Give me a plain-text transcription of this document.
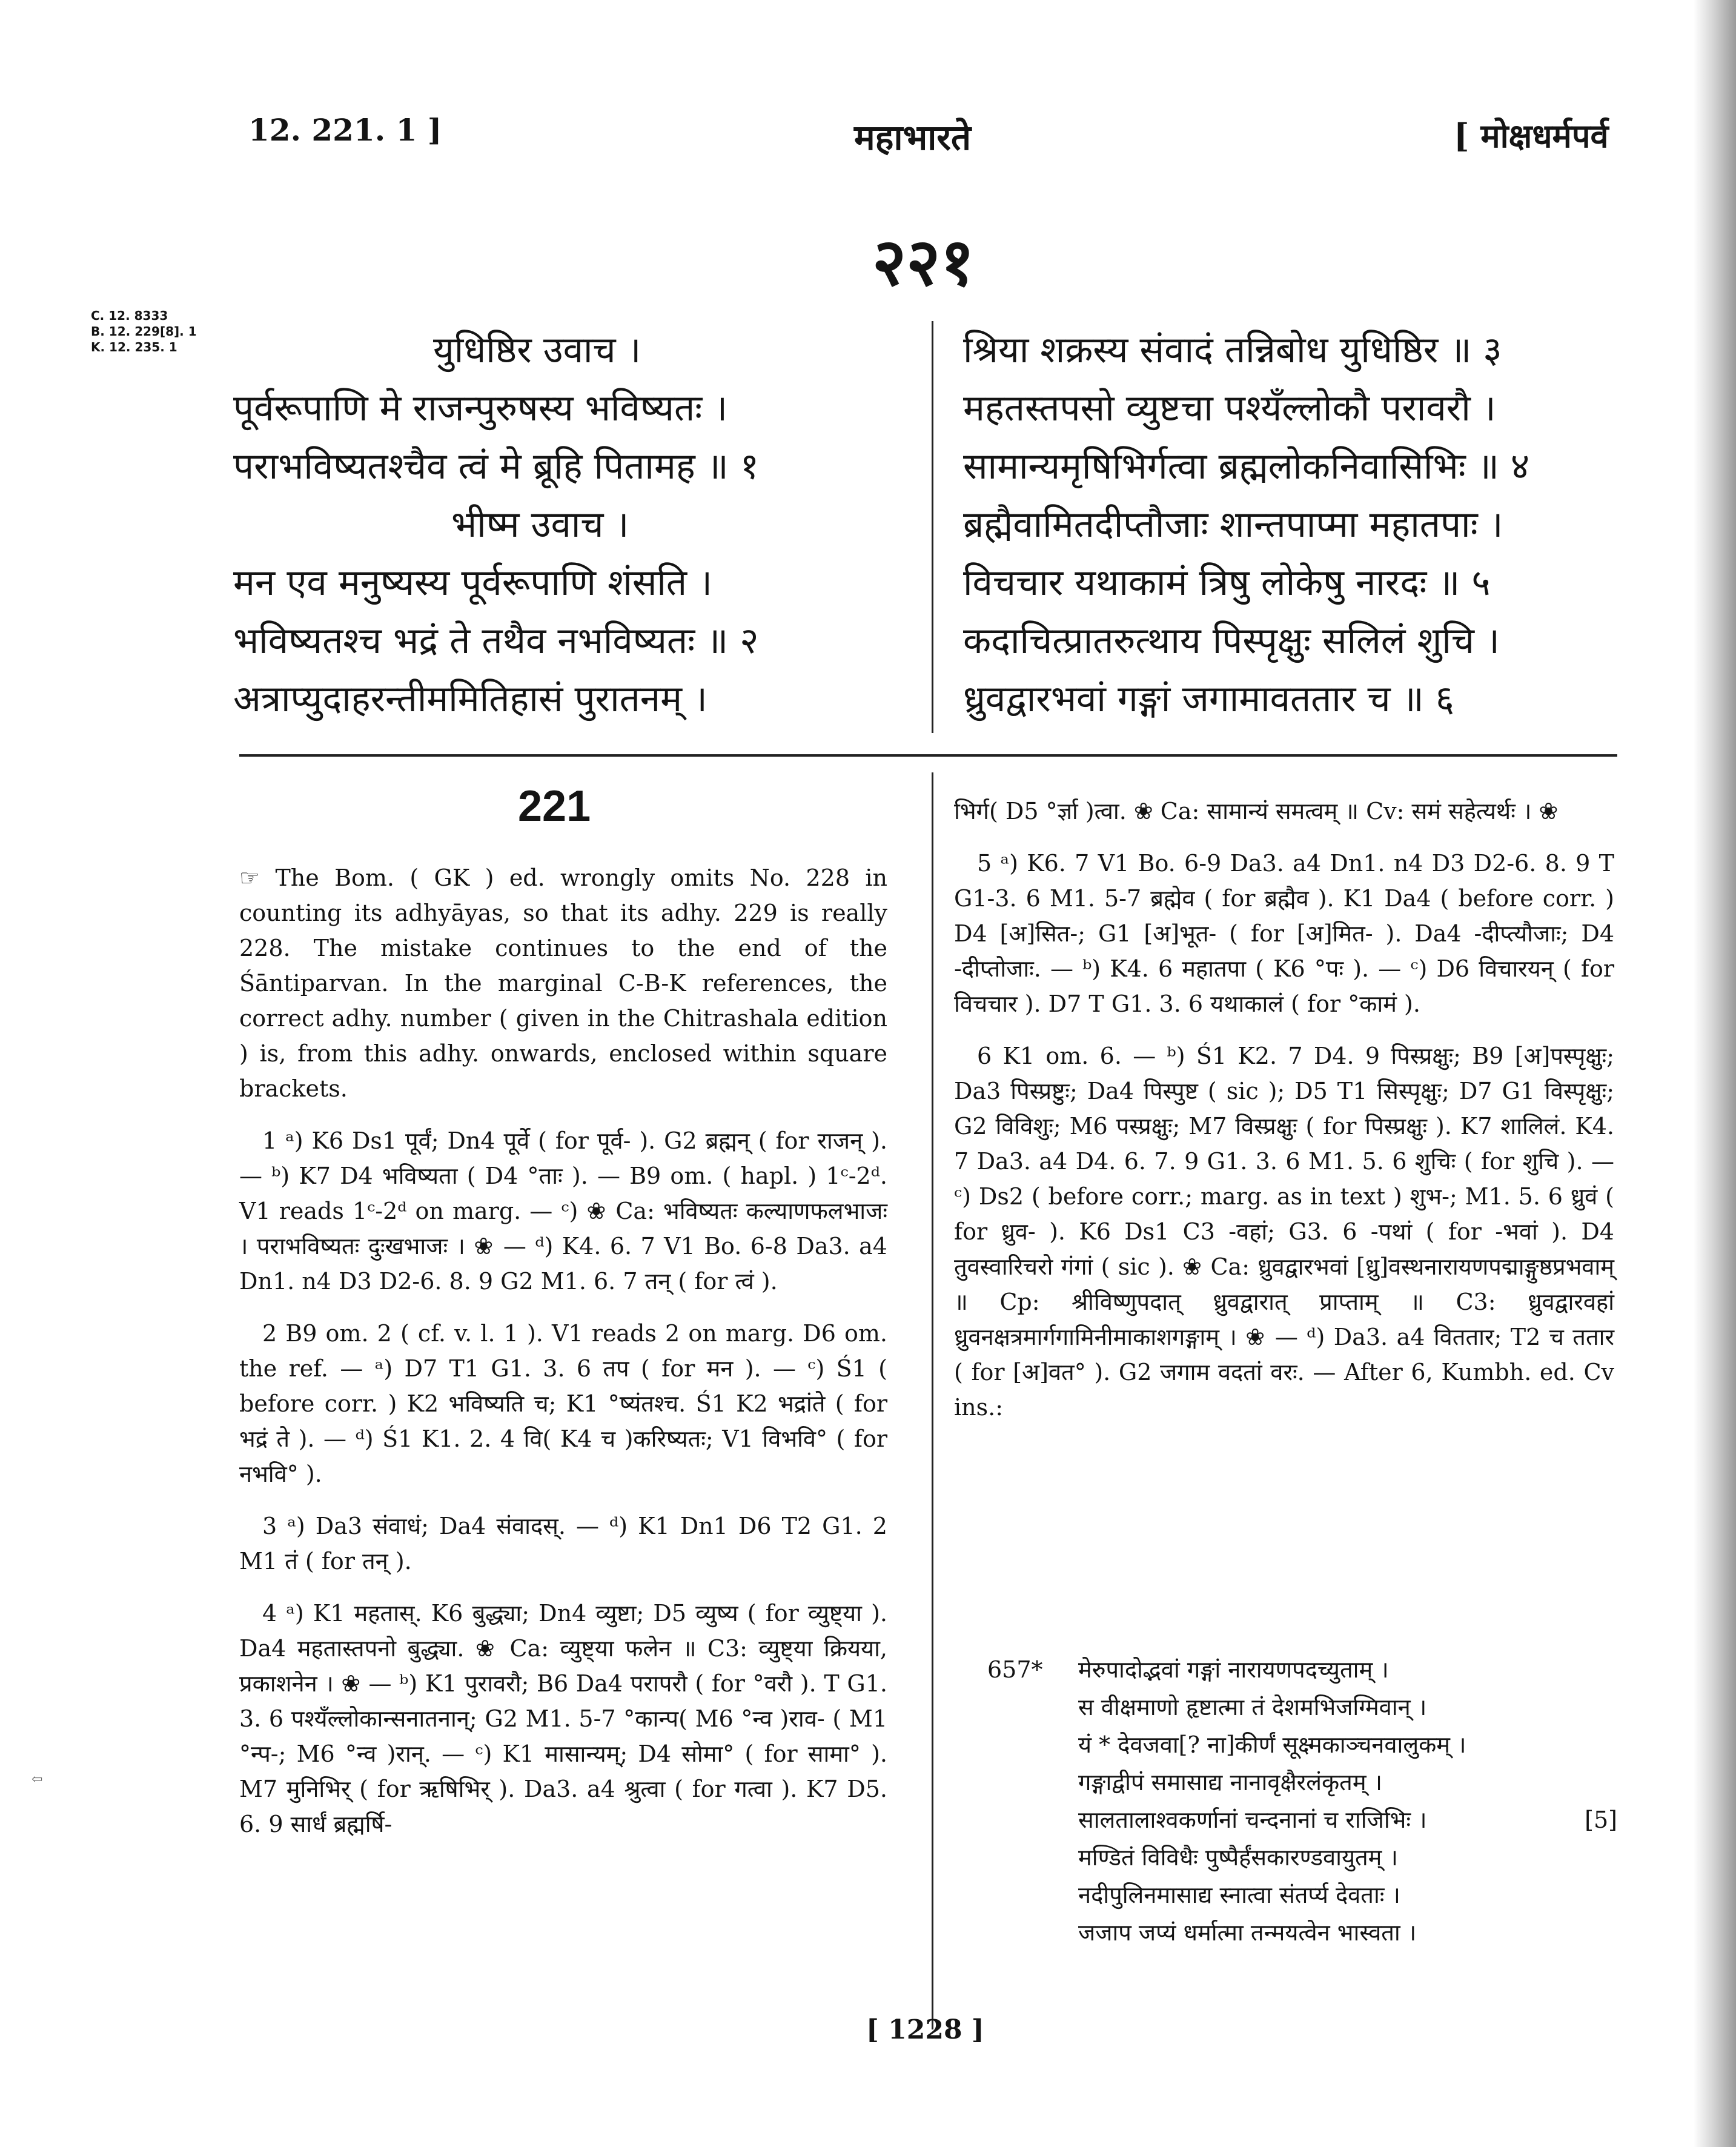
12. 221. 1 ]	महाभारते	[ मोक्षधर्मपर्व
२२१
C. 12. 8333
B. 12. 229[8]. 1
K. 12. 235. 1	युधिष्ठिर उवाच ।
पूर्वरूपाणि मे राजन्पुरुषस्य भविष्यतः ।
पराभविष्यतश्चैव त्वं मे ब्रूहि पितामह ॥ १
भीष्म उवाच ।
मन एव मनुष्यस्य पूर्वरूपाणि शंसति ।
भविष्यतश्च भद्रं ते तथैव नभविष्यतः ॥ २
अत्राप्युदाहरन्तीममितिहासं पुरातनम् ।
श्रिया शक्रस्य संवादं तन्निबोध युधिष्ठिर ॥ ३
महतस्तपसो व्युष्टचा पश्यँल्लोकौ परावरौ ।
सामान्यमृषिभिर्गत्वा ब्रह्मलोकनिवासिभिः ॥ ४
ब्रह्मैवामितदीप्तौजाः शान्तपाप्मा महातपाः ।
विचचार यथाकामं त्रिषु लोकेषु नारदः ॥ ५
कदाचित्प्रातरुत्थाय पिस्पृक्षुः सलिलं शुचि ।
ध्रुवद्वारभवां गङ्गां जगामावततार च ॥ ६
221

☞ The Bom. ( GK ) ed. wrongly omits No. 228 in counting its adhyāyas, so that its adhy. 229 is really 228. The mistake continues to the end of the Śāntiparvan. In the marginal C-B-K references, the correct adhy. number ( given in the Chitrashala edition ) is, from this adhy. onwards, enclosed within square brackets.

1 ᵃ) K6 Ds1 पूर्वं; Dn4 पूर्वे ( for पूर्व- ). G2 ब्रह्मन् ( for राजन् ). — ᵇ) K7 D4 भविष्यता ( D4 °ताः ). — B9 om. ( hapl. ) 1ᶜ-2ᵈ. V1 reads 1ᶜ-2ᵈ on marg. — ᶜ) ❀ Ca: भविष्यतः कल्याणफलभाजः । पराभविष्यतः दुःखभाजः । ❀ — ᵈ) K4. 6. 7 V1 Bo. 6-8 Da3. a4 Dn1. n4 D3 D2-6. 8. 9 G2 M1. 6. 7 तन् ( for त्वं ).

2 B9 om. 2 ( cf. v. l. 1 ). V1 reads 2 on marg. D6 om. the ref. — ᵃ) D7 T1 G1. 3. 6 तप ( for मन ). — ᶜ) Ś1 ( before corr. ) K2 भविष्यति च; K1 °ष्यंतश्च. Ś1 K2 भद्रांते ( for भद्रं ते ). — ᵈ) Ś1 K1. 2. 4 वि( K4 च )करिष्यतः; V1 विभवि° ( for नभवि° ).

3 ᵃ) Da3 संवाधं; Da4 संवादस्. — ᵈ) K1 Dn1 D6 T2 G1. 2 M1 तं ( for तन् ).

4 ᵃ) K1 महतास्. K6 बुद्ध्या; Dn4 व्युष्टा; D5 व्युष्य ( for व्युष्ट्या ). Da4 महतास्तपनो बुद्ध्या. ❀ Ca: व्युष्ट्या फलेन ॥ C3: व्युष्ट्या क्रियया, प्रकाशनेन । ❀ — ᵇ) K1 पुरावरौ; B6 Da4 परापरौ ( for °वरौ ). T G1. 3. 6 पश्यँल्लोकान्सनातनान्; G2 M1. 5-7 °कान्प( M6 °न्व )राव- ( M1 °न्प-; M6 °न्व )रान्. — ᶜ) K1 मासान्यम्; D4 सोमा° ( for सामा° ). M7 मुनिभिर् ( for ऋषिभिर् ). Da3. a4 श्रुत्वा ( for गत्वा ). K7 D5. 6. 9 सार्धं ब्रह्मर्षि-

भिर्ग( D5 °र्ज्ञा )त्वा. ❀ Ca: सामान्यं समत्वम् ॥ Cv: समं सहेत्यर्थः । ❀

5 ᵃ) K6. 7 V1 Bo. 6-9 Da3. a4 Dn1. n4 D3 D2-6. 8. 9 T G1-3. 6 M1. 5-7 ब्रह्मेव ( for ब्रह्मैव ). K1 Da4 ( before corr. ) D4 [अ]सित-; G1 [अ]भूत- ( for [अ]मित- ). Da4 -दीप्त्यौजाः; D4 -दीप्तोजाः. — ᵇ) K4. 6 महातपा ( K6 °पः ). — ᶜ) D6 विचारयन् ( for विचचार ). D7 T G1. 3. 6 यथाकालं ( for °कामं ).

6 K1 om. 6. — ᵇ) Ś1 K2. 7 D4. 9 पिस्प्रक्षुः; B9 [अ]पस्पृक्षुः; Da3 पिस्प्रष्टुः; Da4 पिस्पुष्ट ( sic ); D5 T1 सिस्पृक्षुः; D7 G1 विस्पृक्षुः; G2 विविशुः; M6 पस्प्रक्षुः; M7 विस्प्रक्षुः ( for पिस्प्रक्षुः ). K7 शालिलं. K4. 7 Da3. a4 D4. 6. 7. 9 G1. 3. 6 M1. 5. 6 शुचिः ( for शुचि ). — ᶜ) Ds2 ( before corr.; marg. as in text ) शुभ-; M1. 5. 6 ध्रुवं ( for ध्रुव- ). K6 Ds1 C3 -वहां; G3. 6 -पथां ( for -भवां ). D4 तुवस्वारिचरो गंगां ( sic ). ❀ Ca: ध्रुवद्वारभवां [ध्रु]वस्थनारायणपद्माङ्गुष्ठप्रभवाम् ॥ Cp: श्रीविष्णुपदात् ध्रुवद्वारात् प्राप्ताम् ॥ C3: ध्रुवद्वारवहां ध्रुवनक्षत्रमार्गगामिनीमाकाशगङ्गाम् । ❀ — ᵈ) Da3. a4 विततार; T2 च ततार ( for [अ]वत° ). G2 जगाम वदतां वरः. — After 6, Kumbh. ed. Cv ins.:

657*	मेरुपादोद्भवां गङ्गां नारायणपदच्युताम् ।
स वीक्षमाणो हृष्टात्मा तं देशमभिजग्मिवान् ।
यं * देवजवा[? ना]कीर्णं सूक्ष्मकाञ्चनवालुकम् ।
गङ्गाद्वीपं समासाद्य नानावृक्षैरलंकृतम् ।
सालतालाश्वकर्णानां चन्दनानां च राजिभिः ।	[5]
मण्डितं विविधैः पुष्पैर्हंसकारण्डवायुतम् ।
नदीपुलिनमासाद्य स्नात्वा संतर्प्य देवताः ।
जजाप जप्यं धर्मात्मा तन्मयत्वेन भास्वता ।
⇦
[ 1228 ]
